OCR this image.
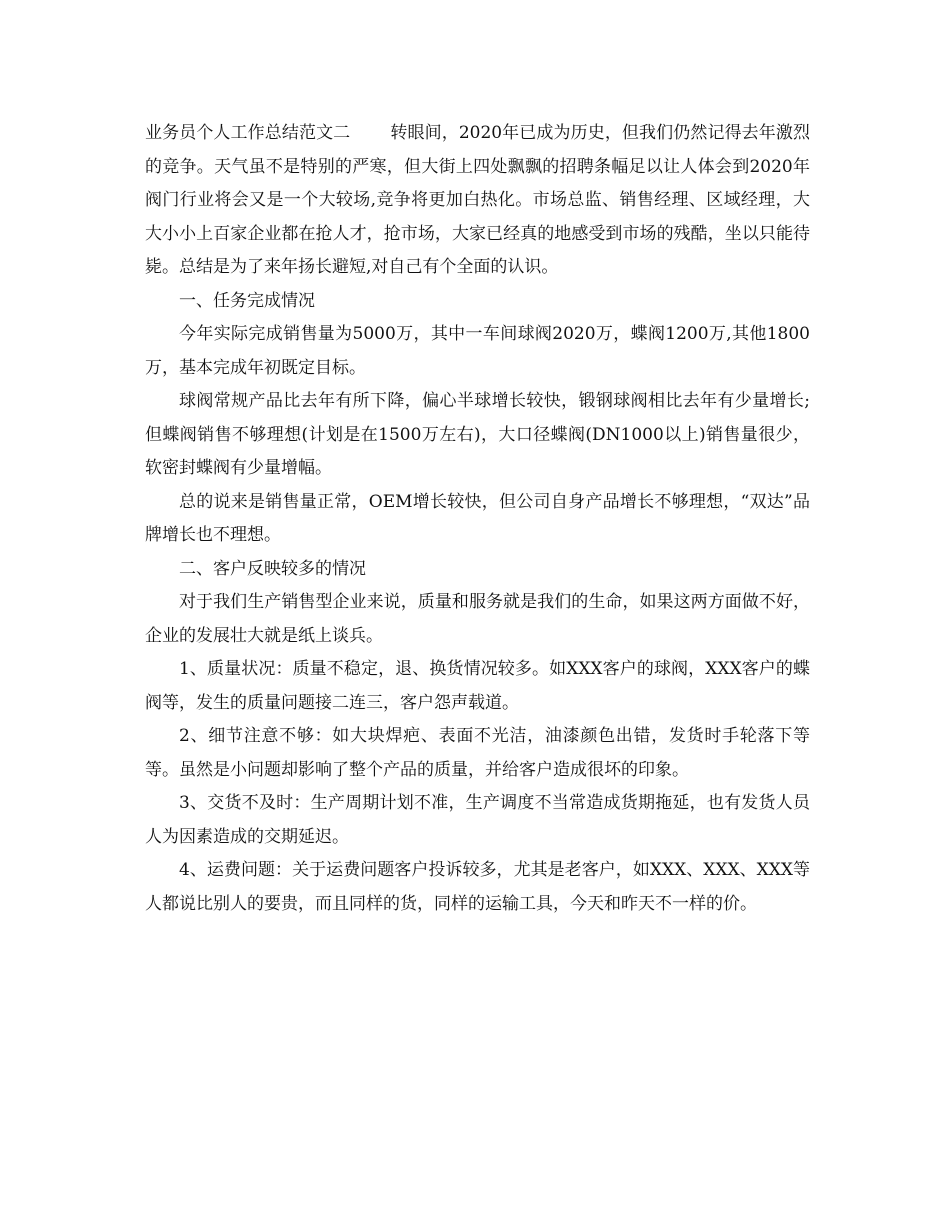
业务员个人工作总结范文二 转眼间，2020年已成为历史，但我们仍然记得去年激烈的竞争。天气虽不是特别的严寒，但大街上四处飘飘的招聘条幅足以让人体会到2020年阀门行业将会又是一个大较场,竞争将更加白热化。市场总监、销售经理、区域经理，大大小小上百家企业都在抢人才，抢市场，大家已经真的地感受到市场的残酷，坐以只能待毙。总结是为了来年扬长避短,对自己有个全面的认识。

一、任务完成情况

今年实际完成销售量为5000万，其中一车间球阀2020万，蝶阀1200万,其他1800万，基本完成年初既定目标。

球阀常规产品比去年有所下降，偏心半球增长较快，锻钢球阀相比去年有少量增长;但蝶阀销售不够理想(计划是在1500万左右)，大口径蝶阀(DN1000以上)销售量很少，软密封蝶阀有少量增幅。

总的说来是销售量正常，OEM增长较快，但公司自身产品增长不够理想，“双达”品牌增长也不理想。

二、客户反映较多的情况

对于我们生产销售型企业来说，质量和服务就是我们的生命，如果这两方面做不好，企业的发展壮大就是纸上谈兵。

1、质量状况：质量不稳定，退、换货情况较多。如XXX客户的球阀，XXX客户的蝶阀等，发生的质量问题接二连三，客户怨声载道。

2、细节注意不够：如大块焊疤、表面不光洁，油漆颜色出错，发货时手轮落下等等。虽然是小问题却影响了整个产品的质量，并给客户造成很坏的印象。

3、交货不及时：生产周期计划不准，生产调度不当常造成货期拖延，也有发货人员人为因素造成的交期延迟。

4、运费问题：关于运费问题客户投诉较多，尤其是老客户，如XXX、XXX、XXX等人都说比别人的要贵，而且同样的货，同样的运输工具，今天和昨天不一样的价。
